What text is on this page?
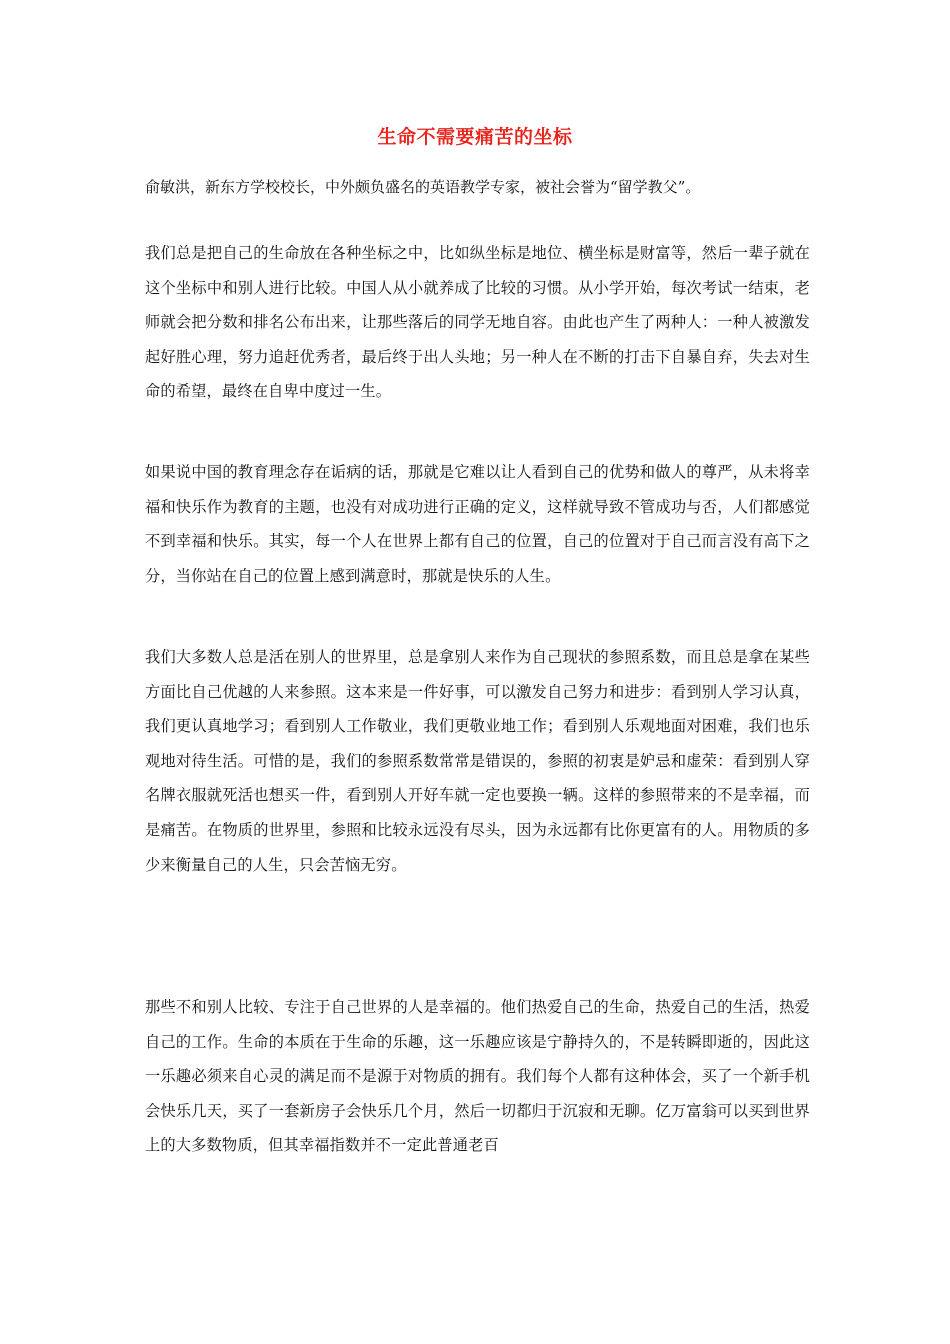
生命不需要痛苦的坐标
俞敏洪，新东方学校校长，中外颇负盛名的英语教学专家，被社会誉为“留学教父”。
我们总是把自己的生命放在各种坐标之中，比如纵坐标是地位、横坐标是财富等，然后一辈子就在这个坐标中和别人进行比较。中国人从小就养成了比较的习惯。从小学开始，每次考试一结束，老师就会把分数和排名公布出来，让那些落后的同学无地自容。由此也产生了两种人：一种人被激发起好胜心理，努力追赶优秀者，最后终于出人头地；另一种人在不断的打击下自暴自弃，失去对生命的希望，最终在自卑中度过一生。
如果说中国的教育理念存在诟病的话，那就是它难以让人看到自己的优势和做人的尊严，从未将幸福和快乐作为教育的主题，也没有对成功进行正确的定义，这样就导致不管成功与否，人们都感觉不到幸福和快乐。其实，每一个人在世界上都有自己的位置，自己的位置对于自己而言没有高下之分，当你站在自己的位置上感到满意时，那就是快乐的人生。
我们大多数人总是活在别人的世界里，总是拿别人来作为自己现状的参照系数，而且总是拿在某些方面比自己优越的人来参照。这本来是一件好事，可以激发自己努力和进步：看到别人学习认真，我们更认真地学习；看到别人工作敬业，我们更敬业地工作；看到别人乐观地面对困难，我们也乐观地对待生活。可惜的是，我们的参照系数常常是错误的，参照的初衷是妒忌和虚荣：看到别人穿名牌衣服就死活也想买一件，看到别人开好车就一定也要换一辆。这样的参照带来的不是幸福，而是痛苦。在物质的世界里，参照和比较永远没有尽头，因为永远都有比你更富有的人。用物质的多少来衡量自己的人生，只会苦恼无穷。
那些不和别人比较、专注于自己世界的人是幸福的。他们热爱自己的生命，热爱自己的生活，热爱自己的工作。生命的本质在于生命的乐趣，这一乐趣应该是宁静持久的，不是转瞬即逝的，因此这一乐趣必须来自心灵的满足而不是源于对物质的拥有。我们每个人都有这种体会，买了一个新手机会快乐几天，买了一套新房子会快乐几个月，然后一切都归于沉寂和无聊。亿万富翁可以买到世界上的大多数物质，但其幸福指数并不一定此普通老百
